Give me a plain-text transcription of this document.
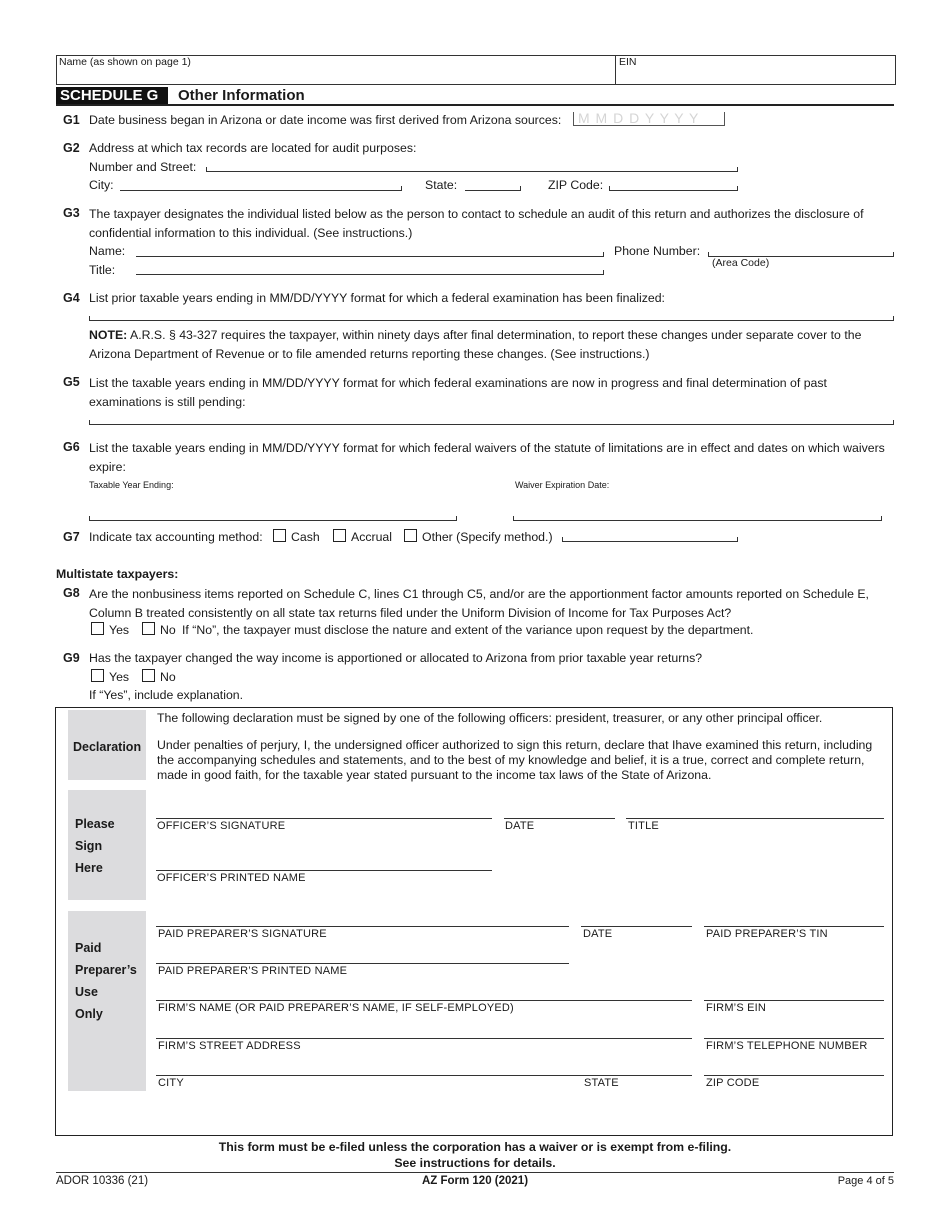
Name (as shown on page 1)	EIN
SCHEDULE G Other Information
G1 Date business began in Arizona or date income was first derived from Arizona sources: M M D D Y Y Y Y
G2 Address at which tax records are located for audit purposes:
Number and Street:
City:	State:	ZIP Code:
G3 The taxpayer designates the individual listed below as the person to contact to schedule an audit of this return and authorizes the disclosure of confidential information to this individual. (See instructions.)
Name:	Phone Number:
(Area Code)
Title:
G4 List prior taxable years ending in MM/DD/YYYY format for which a federal examination has been finalized:
NOTE: A.R.S. § 43-327 requires the taxpayer, within ninety days after final determination, to report these changes under separate cover to the Arizona Department of Revenue or to file amended returns reporting these changes. (See instructions.)
G5 List the taxable years ending in MM/DD/YYYY format for which federal examinations are now in progress and final determination of past examinations is still pending:
G6 List the taxable years ending in MM/DD/YYYY format for which federal waivers of the statute of limitations are in effect and dates on which waivers expire:
Taxable Year Ending:	Waiver Expiration Date:
G7 Indicate tax accounting method: Cash	Accrual Other (Specify method.)
Multistate taxpayers:
G8 Are the nonbusiness items reported on Schedule C, lines C1 through C5, and/or are the apportionment factor amounts reported on Schedule E, Column B treated consistently on all state tax returns filed under the Uniform Division of Income for Tax Purposes Act?
Yes	No If “No”, the taxpayer must disclose the nature and extent of the variance upon request by the department.
G9 Has the taxpayer changed the way income is apportioned or allocated to Arizona from prior taxable year returns?
Yes	No
If “Yes”, include explanation.
Declaration
The following declaration must be signed by one of the following officers: president, treasurer, or any other principal officer.
Under penalties of perjury, I, the undersigned officer authorized to sign this return, declare that Ihave examined this return, including the accompanying schedules and statements, and to the best of my knowledge and belief, it is a true, correct and complete return, made in good faith, for the taxable year stated pursuant to the income tax laws of the State of Arizona.
Please
Sign
Here
OFFICER’S SIGNATURE	DATE	TITLE
OFFICER’S PRINTED NAME
Paid
Preparer’s
Use
Only
PAID PREPARER’S SIGNATURE	DATE	PAID PREPARER’S TIN
PAID PREPARER’S PRINTED NAME
FIRM’S NAME (OR PAID PREPARER’S NAME, IF SELF-EMPLOYED)	FIRM’S EIN
FIRM’S STREET ADDRESS	FIRM’S TELEPHONE NUMBER
CITY	STATE	ZIP CODE
This form must be e-filed unless the corporation has a waiver or is exempt from e-filing.
See instructions for details.
ADOR 10336 (21)	AZ Form 120 (2021)	Page 4 of 5
